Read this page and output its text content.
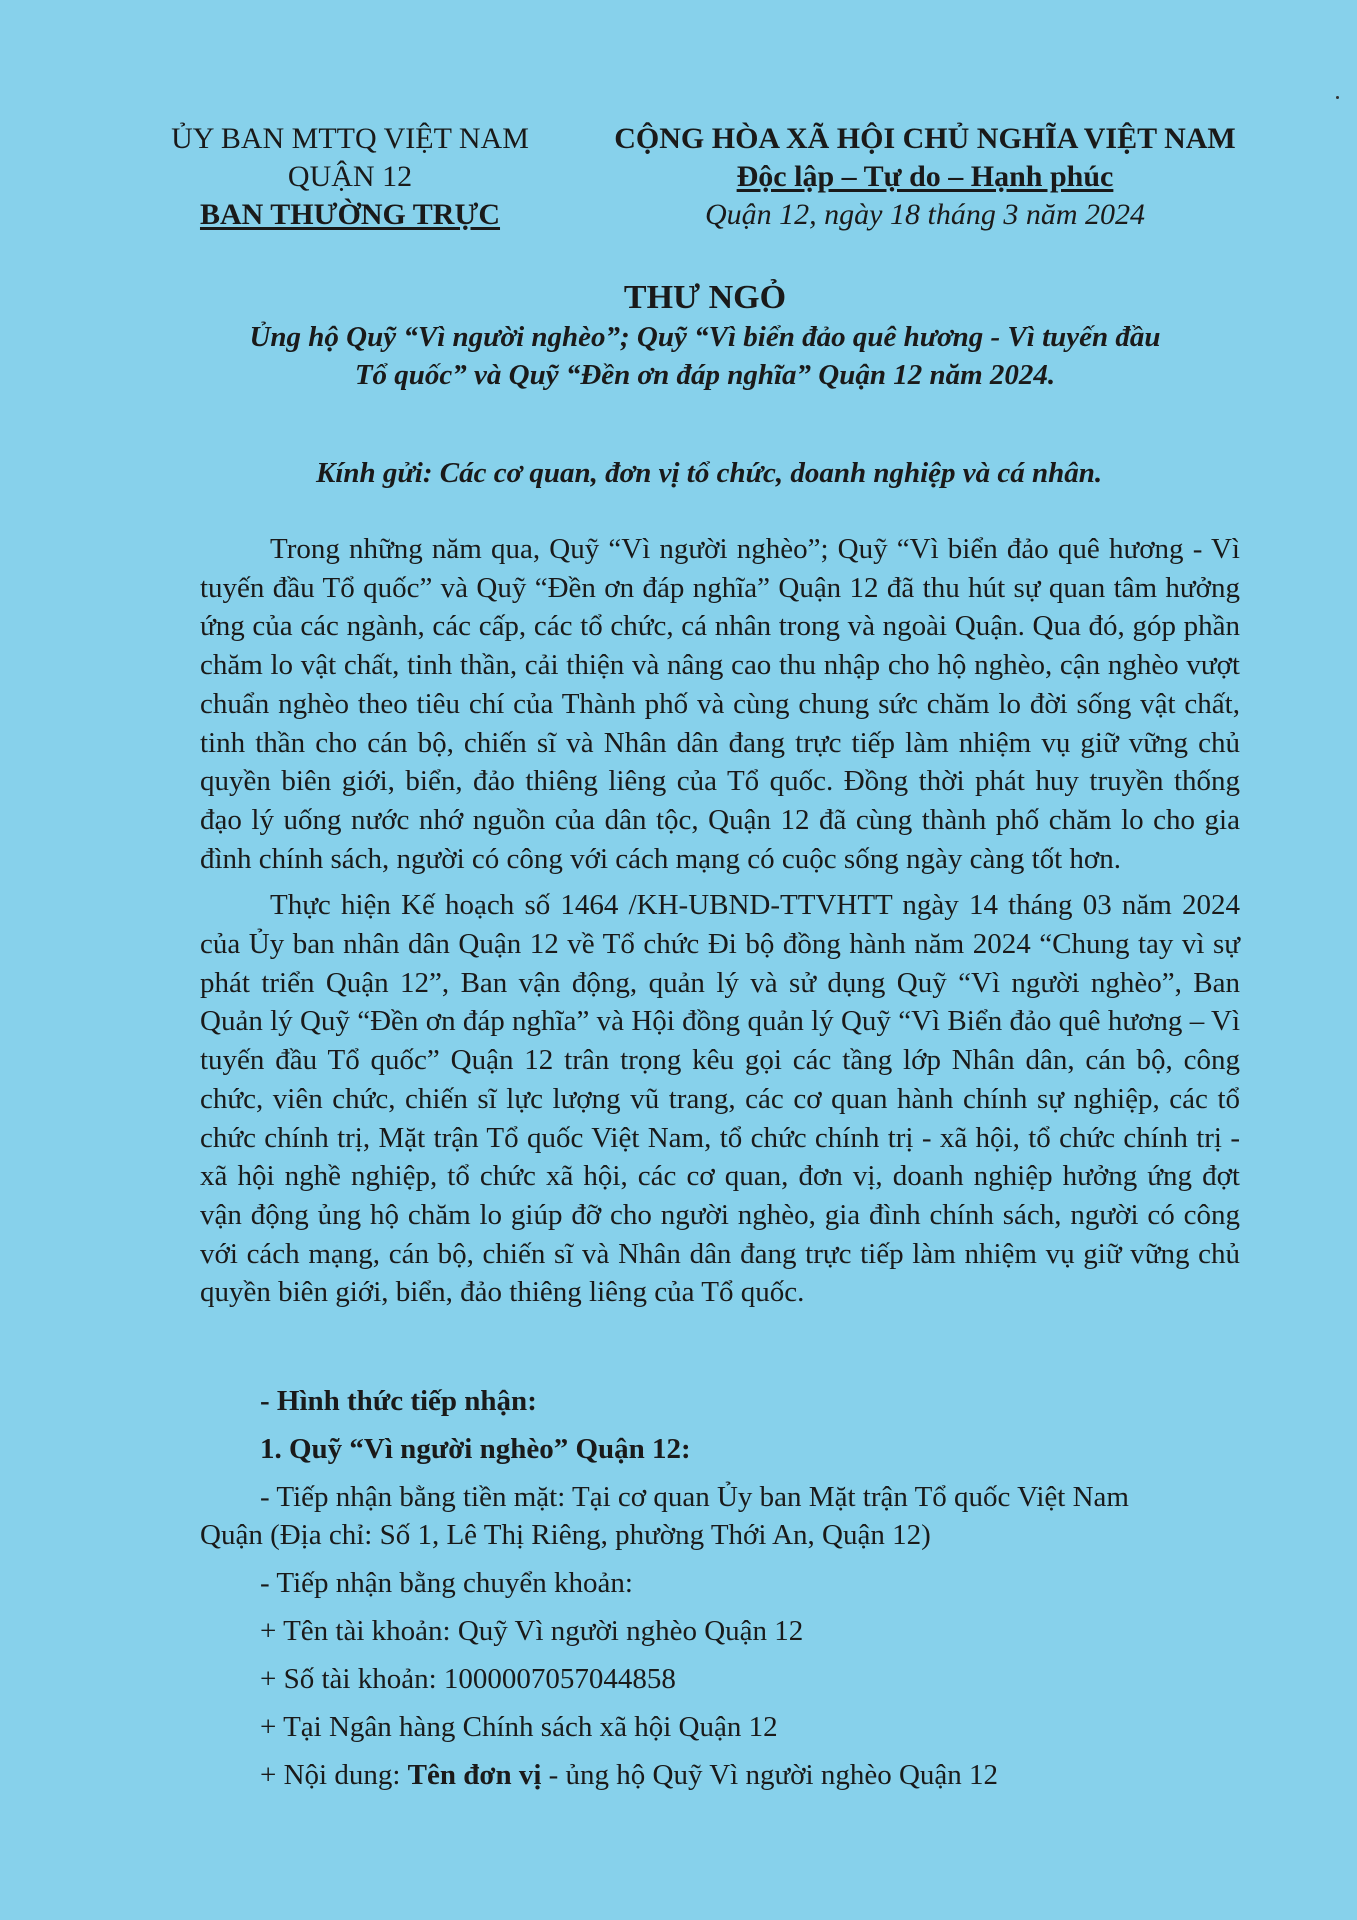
ỦY BAN MTTQ VIỆT NAM
QUẬN 12
BAN THƯỜNG TRỰC
CỘNG HÒA XÃ HỘI CHỦ NGHĨA VIỆT NAM
Độc lập – Tự do – Hạnh phúc
Quận 12, ngày 18 tháng 3 năm 2024
THƯ NGỎ
Ủng hộ Quỹ “Vì người nghèo”; Quỹ “Vì biển đảo quê hương - Vì tuyến đầu
Tổ quốc” và Quỹ “Đền ơn đáp nghĩa” Quận 12 năm 2024.
Kính gửi: Các cơ quan, đơn vị tổ chức, doanh nghiệp và cá nhân.

Trong những năm qua, Quỹ “Vì người nghèo”; Quỹ “Vì biển đảo quê hương - Vì tuyến đầu Tổ quốc” và Quỹ “Đền ơn đáp nghĩa” Quận 12 đã thu hút sự quan tâm hưởng ứng của các ngành, các cấp, các tổ chức, cá nhân trong và ngoài Quận. Qua đó, góp phần chăm lo vật chất, tinh thần, cải thiện và nâng cao thu nhập cho hộ nghèo, cận nghèo vượt chuẩn nghèo theo tiêu chí của Thành phố và cùng chung sức chăm lo đời sống vật chất, tinh thần cho cán bộ, chiến sĩ và Nhân dân đang trực tiếp làm nhiệm vụ giữ vững chủ quyền biên giới, biển, đảo thiêng liêng của Tổ quốc. Đồng thời phát huy truyền thống đạo lý uống nước nhớ nguồn của dân tộc, Quận 12 đã cùng thành phố chăm lo cho gia đình chính sách, người có công với cách mạng có cuộc sống ngày càng tốt hơn.

Thực hiện Kế hoạch số 1464 /KH-UBND-TTVHTT ngày 14 tháng 03 năm 2024 của Ủy ban nhân dân Quận 12 về Tổ chức Đi bộ đồng hành năm 2024 “Chung tay vì sự phát triển Quận 12”, Ban vận động, quản lý và sử dụng Quỹ “Vì người nghèo”, Ban Quản lý Quỹ “Đền ơn đáp nghĩa” và Hội đồng quản lý Quỹ “Vì Biển đảo quê hương – Vì tuyến đầu Tổ quốc” Quận 12 trân trọng kêu gọi các tầng lớp Nhân dân, cán bộ, công chức, viên chức, chiến sĩ lực lượng vũ trang, các cơ quan hành chính sự nghiệp, các tổ chức chính trị, Mặt trận Tổ quốc Việt Nam, tổ chức chính trị - xã hội, tổ chức chính trị - xã hội nghề nghiệp, tổ chức xã hội, các cơ quan, đơn vị, doanh nghiệp hưởng ứng đợt vận động ủng hộ chăm lo giúp đỡ cho người nghèo, gia đình chính sách, người có công với cách mạng, cán bộ, chiến sĩ và Nhân dân đang trực tiếp làm nhiệm vụ giữ vững chủ quyền biên giới, biển, đảo thiêng liêng của Tổ quốc.

- Hình thức tiếp nhận:
1. Quỹ “Vì người nghèo” Quận 12:
- Tiếp nhận bằng tiền mặt: Tại cơ quan Ủy ban Mặt trận Tổ quốc Việt Nam
Quận (Địa chỉ: Số 1, Lê Thị Riêng, phường Thới An, Quận 12)
- Tiếp nhận bằng chuyển khoản:
+ Tên tài khoản: Quỹ Vì người nghèo Quận 12
+ Số tài khoản: 1000007057044858
+ Tại Ngân hàng Chính sách xã hội Quận 12
+ Nội dung: Tên đơn vị - ủng hộ Quỹ Vì người nghèo Quận 12
